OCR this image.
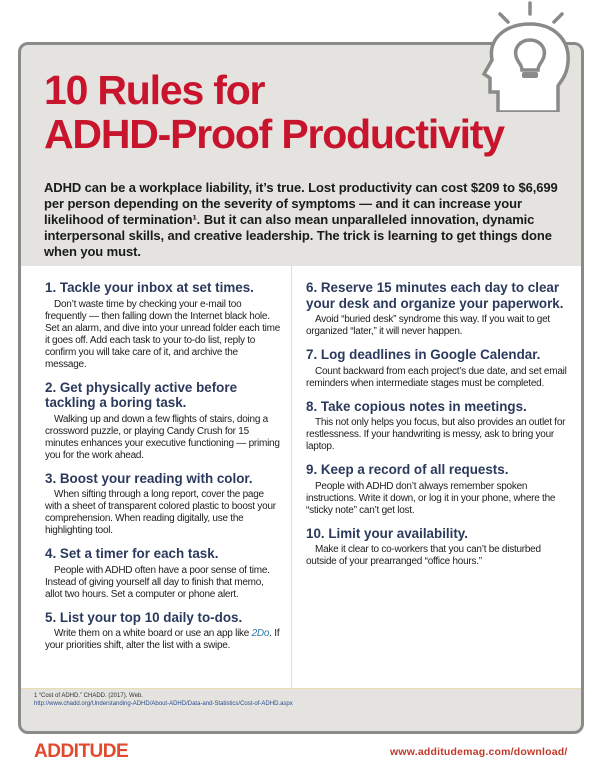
10 Rules for
ADHD-Proof Productivity

ADHD can be a workplace liability, it’s true. Lost productivity can cost $209 to $6,699 per person depending on the severity of symptoms — and it can increase your likelihood of termination¹. But it can also mean unparalleled innovation, dynamic interpersonal skills, and creative leadership. The trick is learning to get things done when you must.

1. Tackle your inbox at set times.

Don’t waste time by checking your e-mail too frequently — then falling down the Internet black hole. Set an alarm, and dive into your unread folder each time it goes off. Add each task to your to-do list, reply to confirm you will take care of it, and archive the message.

2. Get physically active before tackling a boring task.

Walking up and down a few flights of stairs, doing a crossword puzzle, or playing Candy Crush for 15 minutes enhances your executive functioning — priming you for the work ahead.

3. Boost your reading with color.

When sifting through a long report, cover the page with a sheet of transparent colored plastic to boost your comprehension. When reading digitally, use the highlighting tool.

4. Set a timer for each task.

People with ADHD often have a poor sense of time. Instead of giving yourself all day to finish that memo, allot two hours. Set a computer or phone alert.

5. List your top 10 daily to-dos.

Write them on a white board or use an app like 2Do. If your priorities shift, alter the list with a swipe.

6. Reserve 15 minutes each day to clear your desk and organize your paperwork.

Avoid “buried desk” syndrome this way. If you wait to get organized “later,” it will never happen.

7. Log deadlines in Google Calendar.

Count backward from each project’s due date, and set email reminders when intermediate stages must be completed.

8. Take copious notes in meetings.

This not only helps you focus, but also provides an outlet for restlessness. If your handwriting is messy, ask to bring your laptop.

9. Keep a record of all requests.

People with ADHD don’t always remember spoken instructions. Write it down, or log it in your phone, where the “sticky note” can’t get lost.

10. Limit your availability.

Make it clear to co-workers that you can’t be disturbed outside of your prearranged “office hours.”

1 “Cost of ADHD.” CHADD. (2017). Web.
http://www.chadd.org/Understanding-ADHD/About-ADHD/Data-and-Statistics/Cost-of-ADHD.aspx
ADDITUDE	www.additudemag.com/download/
